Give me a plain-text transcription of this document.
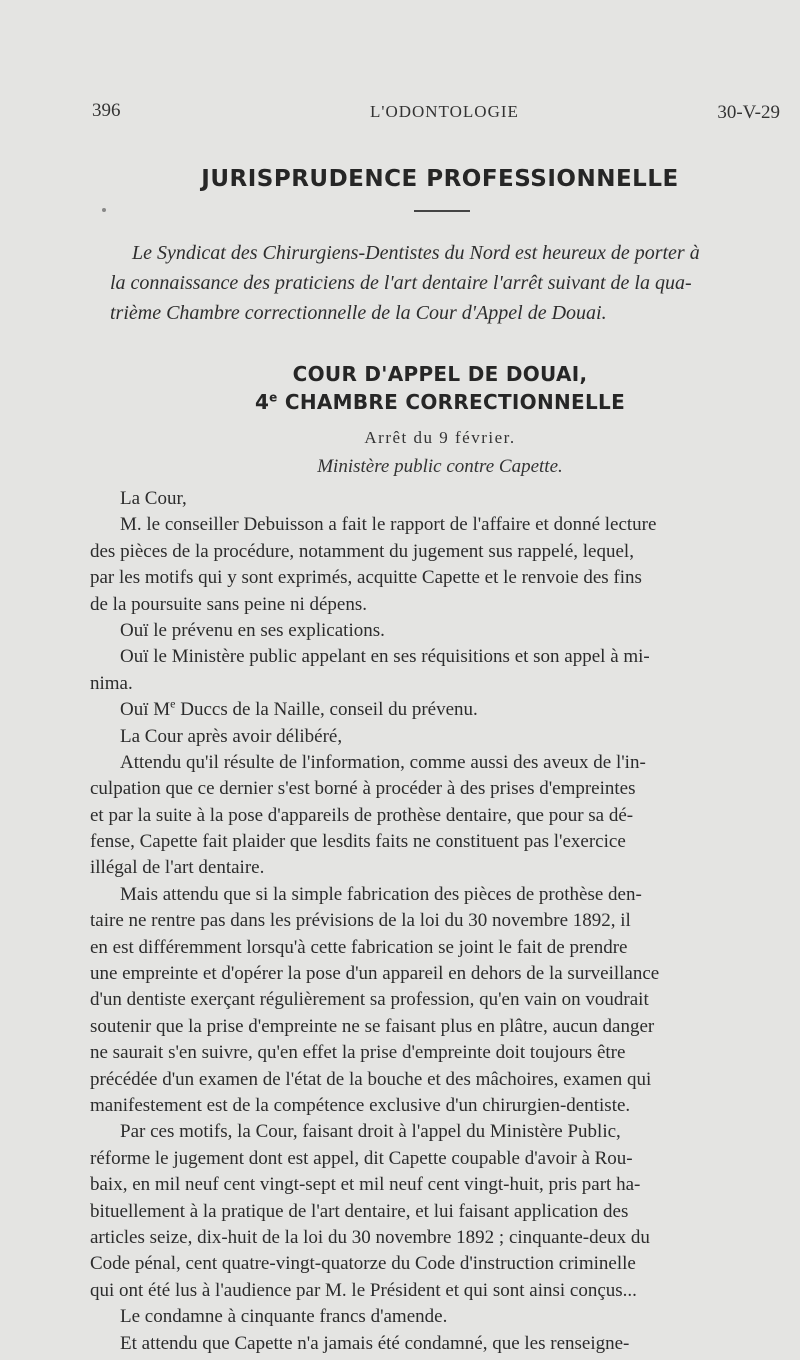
396	L'ODONTOLOGIE	30-V-29
JURISPRUDENCE PROFESSIONNELLE
Le Syndicat des Chirurgiens-Dentistes du Nord est heureux de porter à
la connaissance des praticiens de l'art dentaire l'arrêt suivant de la qua-
trième Chambre correctionnelle de la Cour d'Appel de Douai.
COUR D'APPEL DE DOUAI,
4e CHAMBRE CORRECTIONNELLE
Arrêt du 9 février.
Ministère public contre Capette.
La Cour,
M. le conseiller Debuisson a fait le rapport de l'affaire et donné lecture
des pièces de la procédure, notamment du jugement sus rappelé, lequel,
par les motifs qui y sont exprimés, acquitte Capette et le renvoie des fins
de la poursuite sans peine ni dépens.
Ouï le prévenu en ses explications.
Ouï le Ministère public appelant en ses réquisitions et son appel à mi-
nima.
Ouï Me Duccs de la Naille, conseil du prévenu.
La Cour après avoir délibéré,
Attendu qu'il résulte de l'information, comme aussi des aveux de l'in-
culpation que ce dernier s'est borné à procéder à des prises d'empreintes
et par la suite à la pose d'appareils de prothèse dentaire, que pour sa dé-
fense, Capette fait plaider que lesdits faits ne constituent pas l'exercice
illégal de l'art dentaire.
Mais attendu que si la simple fabrication des pièces de prothèse den-
taire ne rentre pas dans les prévisions de la loi du 30 novembre 1892, il
en est différemment lorsqu'à cette fabrication se joint le fait de prendre
une empreinte et d'opérer la pose d'un appareil en dehors de la surveillance
d'un dentiste exerçant régulièrement sa profession, qu'en vain on voudrait
soutenir que la prise d'empreinte ne se faisant plus en plâtre, aucun danger
ne saurait s'en suivre, qu'en effet la prise d'empreinte doit toujours être
précédée d'un examen de l'état de la bouche et des mâchoires, examen qui
manifestement est de la compétence exclusive d'un chirurgien-dentiste.
Par ces motifs, la Cour, faisant droit à l'appel du Ministère Public,
réforme le jugement dont est appel, dit Capette coupable d'avoir à Rou-
baix, en mil neuf cent vingt-sept et mil neuf cent vingt-huit, pris part ha-
bituellement à la pratique de l'art dentaire, et lui faisant application des
articles seize, dix-huit de la loi du 30 novembre 1892 ; cinquante-deux du
Code pénal, cent quatre-vingt-quatorze du Code d'instruction criminelle
qui ont été lus à l'audience par M. le Président et qui sont ainsi conçus...
Le condamne à cinquante francs d'amende.
Et attendu que Capette n'a jamais été condamné, que les renseigne-
